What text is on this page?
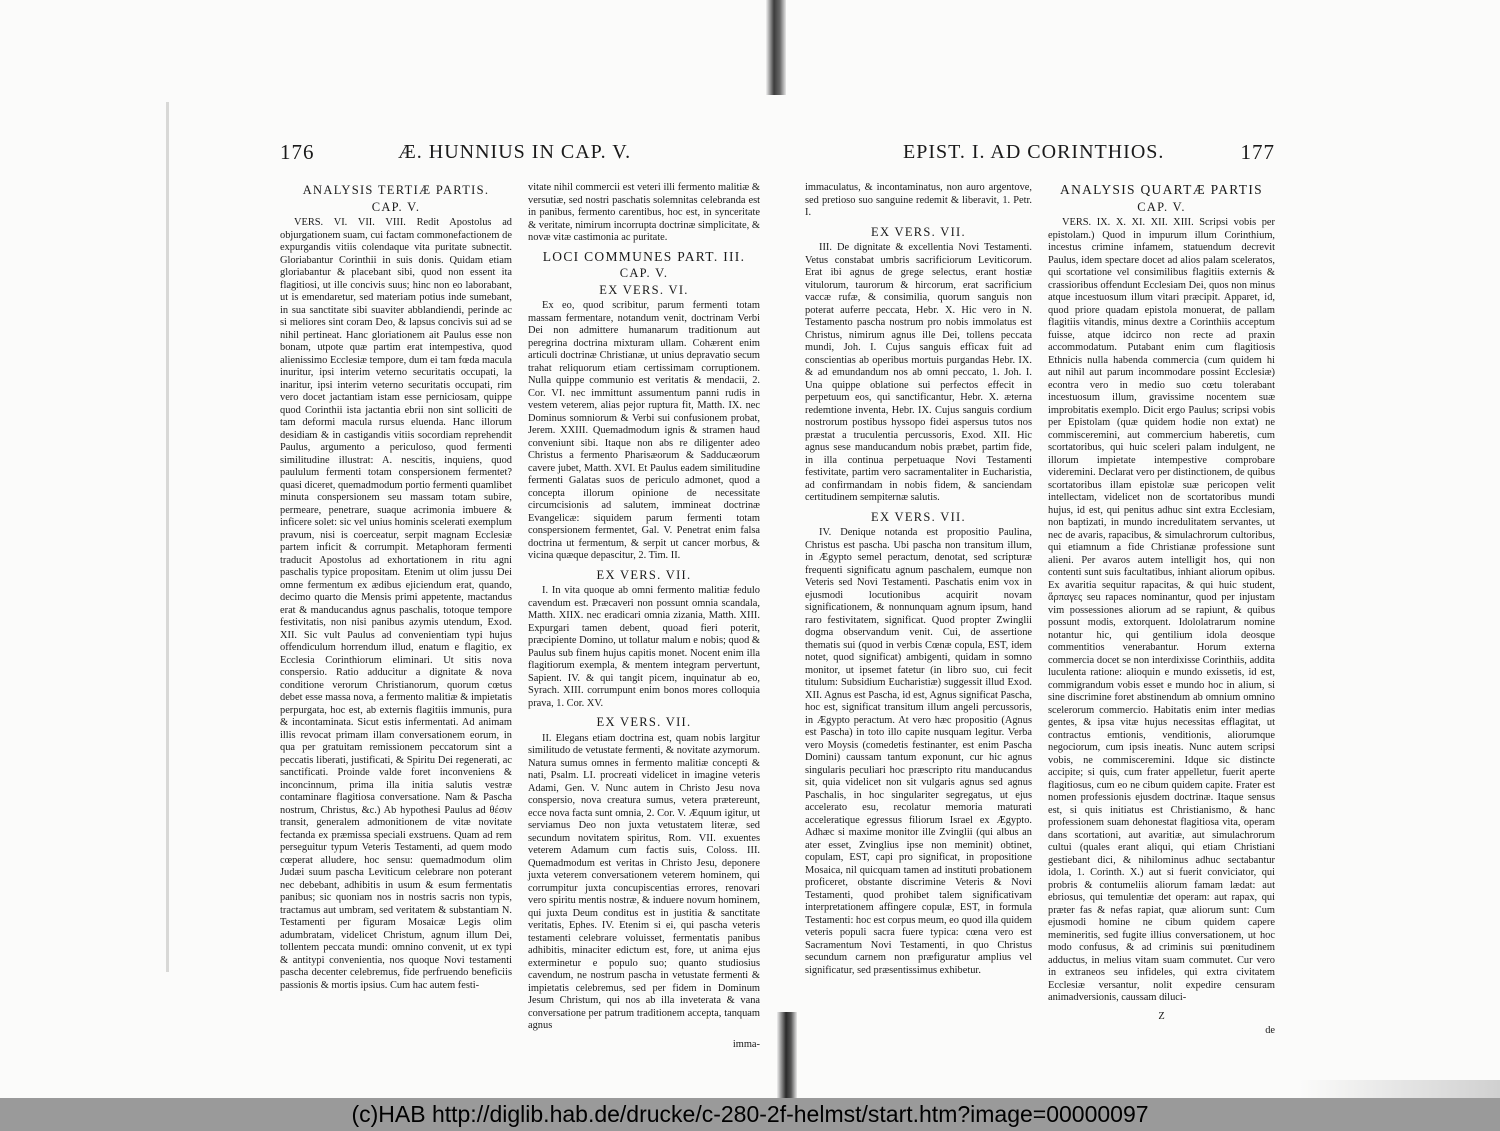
176	Æ. HUNNIUS IN CAP. V.
ANALYSIS TERTIÆ PARTIS.
CAP. V.
VERS. VI. VII. VIII. Redit Apostolus ad objurgationem suam, cui factam commonefactionem de expurgandis vitiis colendaque vita puritate subnectit. Gloriabantur Corinthii in suis donis. Quidam etiam gloriabantur & placebant sibi, quod non essent ita flagitiosi, ut ille concivis suus; hinc non eo laborabant, ut is emendaretur, sed materiam potius inde sumebant, in sua sanctitate sibi suaviter abblandiendi, perinde ac si meliores sint coram Deo, & lapsus concivis sui ad se nihil pertineat. Hanc gloriationem ait Paulus esse non bonam, utpote quæ partim erat intempestiva, quod alienissimo Ecclesiæ tempore, dum ei tam fœda macula inuritur, ipsi interim veterno securitatis occupati, la inaritur, ipsi interim veterno securitatis occupati, rim vero docet jactantiam istam esse perniciosam, quippe quod Corinthii ista jactantia ebrii non sint solliciti de tam deformi macula rursus eluenda. Hanc illorum desidiam & in castigandis vitiis socordiam reprehendit Paulus, argumento a periculoso, quod fermenti similitudine illustrat: A. nescitis, inquiens, quod paululum fermenti totam conspersionem fermentet? quasi diceret, quemadmodum portio fermenti quamlibet minuta conspersionem seu massam totam subire, permeare, penetrare, suaque acrimonia imbuere & inficere solet: sic vel unius hominis scelerati exemplum pravum, nisi is coerceatur, serpit magnam Ecclesiæ partem inficit & corrumpit. Metaphoram fermenti traducit Apostolus ad exhortationem in ritu agni paschalis typice propositam. Etenim ut olim jussu Dei omne fermentum ex ædibus ejiciendum erat, quando, decimo quarto die Mensis primi appetente, mactandus erat & manducandus agnus paschalis, totoque tempore festivitatis, non nisi panibus azymis utendum, Exod. XII. Sic vult Paulus ad convenientiam typi hujus offendiculum horrendum illud, enatum e flagitio, ex Ecclesia Corinthiorum eliminari. Ut sitis nova conspersio. Ratio adducitur a dignitate & nova conditione verorum Christianorum, quorum cœtus debet esse massa nova, a fermento malitiæ & impietatis perpurgata, hoc est, ab externis flagitiis immunis, pura & incontaminata. Sicut estis infermentati. Ad animam illis revocat primam illam conversationem eorum, in qua per gratuitam remissionem peccatorum sint a peccatis liberati, justificati, & Spiritu Dei regenerati, ac sanctificati. Proinde valde foret inconveniens & inconcinnum, prima illa initia salutis vestræ contaminare flagitiosa conversatione. Nam & Pascha nostrum, Christus, &c.) Ab hypothesi Paulus ad θέσιν transit, generalem admonitionem de vitæ novitate fectanda ex præmissa speciali exstruens. Quam ad rem perseguitur typum Veteris Testamenti, ad quem modo cœperat alludere, hoc sensu: quemadmodum olim Judæi suum pascha Leviticum celebrare non poterant nec debebant, adhibitis in usum & esum fermentatis panibus; sic quoniam nos in nostris sacris non typis, tractamus aut umbram, sed veritatem & substantiam N. Testamenti per figuram Mosaicæ Legis olim adumbratam, videlicet Christum, agnum illum Dei, tollentem peccata mundi: omnino convenit, ut ex typi & antitypi convenientia, nos quoque Novi testamenti pascha decenter celebremus, fide perfruendo beneficiis passionis & mortis ipsius. Cum hac autem festi-
vitate nihil commercii est veteri illi fermento malitiæ & versutiæ, sed nostri paschatis solemnitas celebranda est in panibus, fermento carentibus, hoc est, in synceritate & veritate, nimirum incorrupta doctrinæ simplicitate, & novæ vitæ castimonia ac puritate.
LOCI COMMUNES PART. III.
CAP. V.
EX VERS. VI.
Ex eo, quod scribitur, parum fermenti totam massam fermentare, notandum venit, doctrinam Verbi Dei non admittere humanarum traditionum aut peregrina doctrina mixturam ullam. Cohærent enim articuli doctrinæ Christianæ, ut unius depravatio secum trahat reliquorum etiam certissimam corruptionem. Nulla quippe communio est veritatis & mendacii, 2. Cor. VI. nec immittunt assumentum panni rudis in vestem veterem, alias pejor ruptura fit, Matth. IX. nec Dominus somniorum & Verbi sui confusionem probat, Jerem. XXIII. Quemadmodum ignis & stramen haud conveniunt sibi. Itaque non abs re diligenter adeo Christus a fermento Pharisæorum & Sadducæorum cavere jubet, Matth. XVI. Et Paulus eadem similitudine fermenti Galatas suos de periculo admonet, quod a concepta illorum opinione de necessitate circumcisionis ad salutem, immineat doctrinæ Evangelicæ: siquidem parum fermenti totam conspersionem fermentet, Gal. V. Penetrat enim falsa doctrina ut fermentum, & serpit ut cancer morbus, & vicina quæque depascitur, 2. Tim. II.
EX VERS. VII.
I. In vita quoque ab omni fermento malitiæ fedulo cavendum est. Præcaveri non possunt omnia scandala, Matth. XIIX. nec eradicari omnia zizania, Matth. XIII. Expurgari tamen debent, quoad fieri poterit, præcipiente Domino, ut tollatur malum e nobis; quod & Paulus sub finem hujus capitis monet. Nocent enim illa flagitiorum exempla, & mentem integram pervertunt, Sapient. IV. & qui tangit picem, inquinatur ab eo, Syrach. XIII. corrumpunt enim bonos mores colloquia prava, 1. Cor. XV.
EX VERS. VII.
II. Elegans etiam doctrina est, quam nobis largitur similitudo de vetustate fermenti, & novitate azymorum. Natura sumus omnes in fermento malitiæ concepti & nati, Psalm. LI. procreati videlicet in imagine veteris Adami, Gen. V. Nunc autem in Christo Jesu nova conspersio, nova creatura sumus, vetera prætereunt, ecce nova facta sunt omnia, 2. Cor. V. Æquum igitur, ut serviamus Deo non juxta vetustatem literæ, sed secundum novitatem spiritus, Rom. VII. exuentes veterem Adamum cum factis suis, Coloss. III. Quemadmodum est veritas in Christo Jesu, deponere juxta veterem conversationem veterem hominem, qui corrumpitur juxta concupiscentias errores, renovari vero spiritu mentis nostræ, & induere novum hominem, qui juxta Deum conditus est in justitia & sanctitate veritatis, Ephes. IV. Etenim si ei, qui pascha veteris testamenti celebrare voluisset, fermentatis panibus adhibitis, minaciter edictum est, fore, ut anima ejus exterminetur e populo suo; quanto studiosius cavendum, ne nostrum pascha in vetustate fermenti & impietatis celebremus, sed per fidem in Dominum Jesum Christum, qui nos ab illa inveterata & vana conversatione per patrum traditionem accepta, tanquam agnus
imma-
EPIST. I. AD CORINTHIOS.	177
immaculatus, & incontaminatus, non auro argentove, sed pretioso suo sanguine redemit & liberavit, 1. Petr. I.
EX VERS. VII.
III. De dignitate & excellentia Novi Testamenti. Vetus constabat umbris sacrificiorum Leviticorum. Erat ibi agnus de grege selectus, erant hostiæ vitulorum, taurorum & hircorum, erat sacrificium vaccæ rufæ, & consimilia, quorum sanguis non poterat auferre peccata, Hebr. X. Hic vero in N. Testamento pascha nostrum pro nobis immolatus est Christus, nimirum agnus ille Dei, tollens peccata mundi, Joh. I. Cujus sanguis efficax fuit ad conscientias ab operibus mortuis purgandas Hebr. IX. & ad emundandum nos ab omni peccato, 1. Joh. I. Una quippe oblatione sui perfectos effecit in perpetuum eos, qui sanctificantur, Hebr. X. æterna redemtione inventa, Hebr. IX. Cujus sanguis cordium nostrorum postibus hyssopo fidei aspersus tutos nos præstat a truculentia percussoris, Exod. XII. Hic agnus sese manducandum nobis præbet, partim fide, in illa continua perpetuaque Novi Testamenti festivitate, partim vero sacramentaliter in Eucharistia, ad confirmandam in nobis fidem, & sanciendam certitudinem sempiternæ salutis.
EX VERS. VII.
IV. Denique notanda est propositio Paulina, Christus est pascha. Ubi pascha non transitum illum, in Ægypto semel peractum, denotat, sed scripturæ frequenti significatu agnum paschalem, eumque non Veteris sed Novi Testamenti. Paschatis enim vox in ejusmodi locutionibus acquirit novam significationem, & nonnunquam agnum ipsum, hand raro festivitatem, significat. Quod propter Zwinglii dogma observandum venit. Cui, de assertione thematis sui (quod in verbis Cœnæ copula, EST, idem notet, quod significat) ambigenti, quidam in somno monitor, ut ipsemet fatetur (in libro suo, cui fecit titulum: Subsidium Eucharistiæ) suggessit illud Exod. XII. Agnus est Pascha, id est, Agnus significat Pascha, hoc est, significat transitum illum angeli percussoris, in Ægypto peractum. At vero hæc propositio (Agnus est Pascha) in toto illo capite nusquam legitur. Verba vero Moysis (comedetis festinanter, est enim Pascha Domini) caussam tantum exponunt, cur hic agnus singularis peculiari hoc præscripto ritu manducandus sit, quia videlicet non sit vulgaris agnus sed agnus Paschalis, in hoc singulariter segregatus, ut ejus accelerato esu, recolatur memoria maturati acceleratique egressus filiorum Israel ex Ægypto. Adhæc si maxime monitor ille Zvinglii (qui albus an ater esset, Zvinglius ipse non meminit) obtinet, copulam, EST, capi pro significat, in propositione Mosaica, nil quicquam tamen ad instituti probationem proficeret, obstante discrimine Veteris & Novi Testamenti, quod prohibet talem significativam interpretationem affingere copulæ, EST, in formula Testamenti: hoc est corpus meum, eo quod illa quidem veteris populi sacra fuere typica: cœna vero est Sacramentum Novi Testamenti, in quo Christus secundum carnem non præfiguratur amplius vel significatur, sed præsentissimus exhibetur.
ANALYSIS QUARTÆ PARTIS
CAP. V.
VERS. IX. X. XI. XII. XIII. Scripsi vobis per epistolam.) Quod in impurum illum Corinthium, incestus crimine infamem, statuendum decrevit Paulus, idem spectare docet ad alios palam sceleratos, qui scortatione vel consimilibus flagitiis externis & crassioribus offendunt Ecclesiam Dei, quos non minus atque incestuosum illum vitari præcipit. Apparet, id, quod priore quadam epistola monuerat, de pallam flagitiis vitandis, minus dextre a Corinthiis acceptum fuisse, atque idcirco non recte ad praxin accommodatum. Putabant enim cum flagitiosis Ethnicis nulla habenda commercia (cum quidem hi aut nihil aut parum incommodare possint Ecclesiæ) econtra vero in medio suo cœtu tolerabant incestuosum illum, gravissime nocentem suæ improbitatis exemplo. Dicit ergo Paulus; scripsi vobis per Epistolam (quæ quidem hodie non extat) ne commisceremini, aut commercium haberetis, cum scortatoribus, qui huic sceleri palam indulgent, ne illorum impietate intempestive comprobare videremini. Declarat vero per distinctionem, de quibus scortatoribus illam epistolæ suæ pericopen velit intellectam, videlicet non de scortatoribus mundi hujus, id est, qui penitus adhuc sint extra Ecclesiam, non baptizati, in mundo incredulitatem servantes, ut nec de avaris, rapacibus, & simulachrorum cultoribus, qui etiamnum a fide Christianæ professione sunt alieni. Per avaros autem intelligit hos, qui non contenti sunt suis facultatibus, inhiant aliorum opibus. Ex avaritia sequitur rapacitas, & qui huic student, ἅρπαγες seu rapaces nominantur, quod per injustam vim possessiones aliorum ad se rapiunt, & quibus possunt modis, extorquent. Idololatrarum nomine notantur hic, qui gentilium idola deosque commentitios venerabantur. Horum externa commercia docet se non interdixisse Corinthiis, addita luculenta ratione: alioquin e mundo exissetis, id est, commigrandum vobis esset e mundo hoc in alium, si sine discrimine foret abstinendum ab omnium omnino scelerorum commercio. Habitatis enim inter medias gentes, & ipsa vitæ hujus necessitas efflagitat, ut contractus emtionis, venditionis, aliorumque negociorum, cum ipsis ineatis. Nunc autem scripsi vobis, ne commisceremini. Idque sic distincte accipite; si quis, cum frater appelletur, fuerit aperte flagitiosus, cum eo ne cibum quidem capite. Frater est nomen professionis ejusdem doctrinæ. Itaque sensus est, si quis initiatus est Christianismo, & hanc professionem suam dehonestat flagitiosa vita, operam dans scortationi, aut avaritiæ, aut simulachrorum cultui (quales erant aliqui, qui etiam Christiani gestiebant dici, & nihilominus adhuc sectabantur idola, 1. Corinth. X.) aut si fuerit conviciator, qui probris & contumeliis aliorum famam lædat: aut ebriosus, qui temulentiæ det operam: aut rapax, qui præter fas & nefas rapiat, quæ aliorum sunt: Cum ejusmodi homine ne cibum quidem capere memineritis, sed fugite illius conversationem, ut hoc modo confusus, & ad criminis sui pœnitudinem adductus, in melius vitam suam commutet. Cur vero in extraneos seu infideles, qui extra civitatem Ecclesiæ versantur, nolit expedire censuram animadversionis, caussam diluci-
Z
de
(c)HAB http://diglib.hab.de/drucke/c-280-2f-helmst/start.htm?image=00000097
